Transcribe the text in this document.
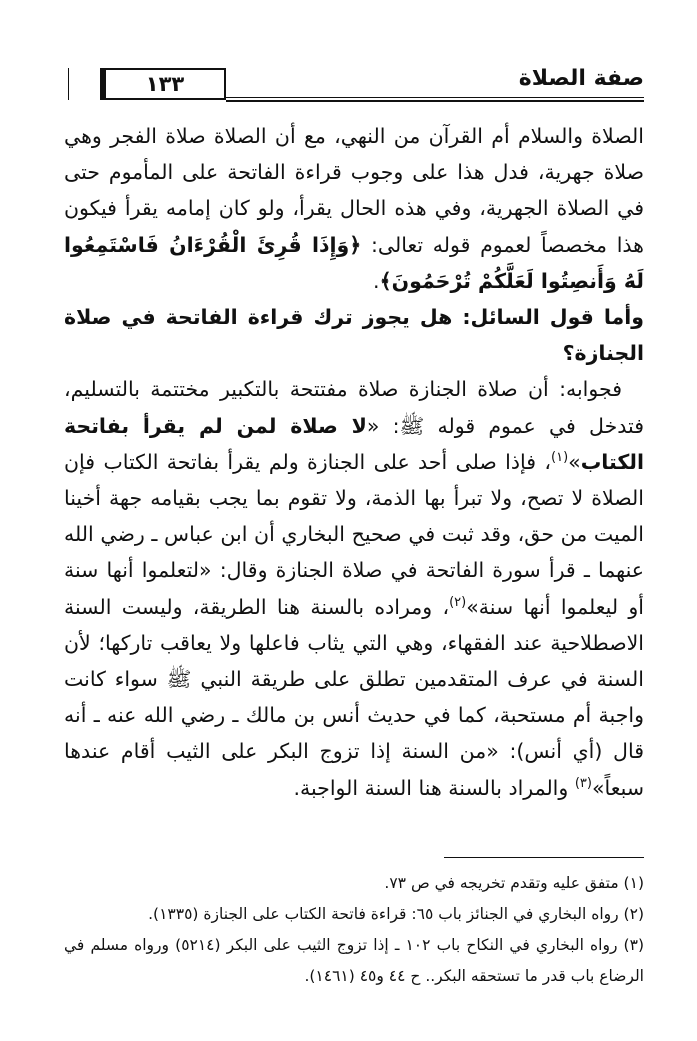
١٣٣	صفة الصلاة

الصلاة والسلام أم القرآن من النهي، مع أن الصلاة صلاة الفجر وهي صلاة جهرية، فدل هذا على وجوب قراءة الفاتحة على المأموم حتى في الصلاة الجهرية، وفي هذه الحال يقرأ، ولو كان إمامه يقرأ فيكون هذا مخصصاً لعموم قوله تعالى: ﴿وَإِذَا قُرِئَ الْقُرْءَانُ فَاسْتَمِعُوا لَهُ وَأَنصِتُوا لَعَلَّكُمْ تُرْحَمُونَ﴾.

وأما قول السائل: هل يجوز ترك قراءة الفاتحة في صلاة الجنازة؟

فجوابه: أن صلاة الجنازة صلاة مفتتحة بالتكبير مختتمة بالتسليم، فتدخل في عموم قوله ﷺ: «لا صلاة لمن لم يقرأ بفاتحة الكتاب»$^{(١)}$، فإذا صلى أحد على الجنازة ولم يقرأ بفاتحة الكتاب فإن الصلاة لا تصح، ولا تبرأ بها الذمة، ولا تقوم بما يجب بقيامه جهة أخينا الميت من حق، وقد ثبت في صحيح البخاري أن ابن عباس ـ رضي الله عنهما ـ قرأ سورة الفاتحة في صلاة الجنازة وقال: «لتعلموا أنها سنة أو ليعلموا أنها سنة»$^{(٢)}$، ومراده بالسنة هنا الطريقة، وليست السنة الاصطلاحية عند الفقهاء، وهي التي يثاب فاعلها ولا يعاقب تاركها؛ لأن السنة في عرف المتقدمين تطلق على طريقة النبي ﷺ سواء كانت واجبة أم مستحبة، كما في حديث أنس بن مالك ـ رضي الله عنه ـ أنه قال (أي أنس): «من السنة إذا تزوج البكر على الثيب أقام عندها سبعاً»$^{(٣)}$ والمراد بالسنة هنا السنة الواجبة.

(١) متفق عليه وتقدم تخريجه في ص ٧٣.

(٢) رواه البخاري في الجنائز باب ٦٥: قراءة فاتحة الكتاب على الجنازة (١٣٣٥).

(٣) رواه البخاري في النكاح باب ١٠٢ ـ إذا تزوج الثيب على البكر (٥٢١٤) ورواه مسلم في الرضاع باب قدر ما تستحقه البكر.. ح ٤٤ و٤٥ (١٤٦١).
